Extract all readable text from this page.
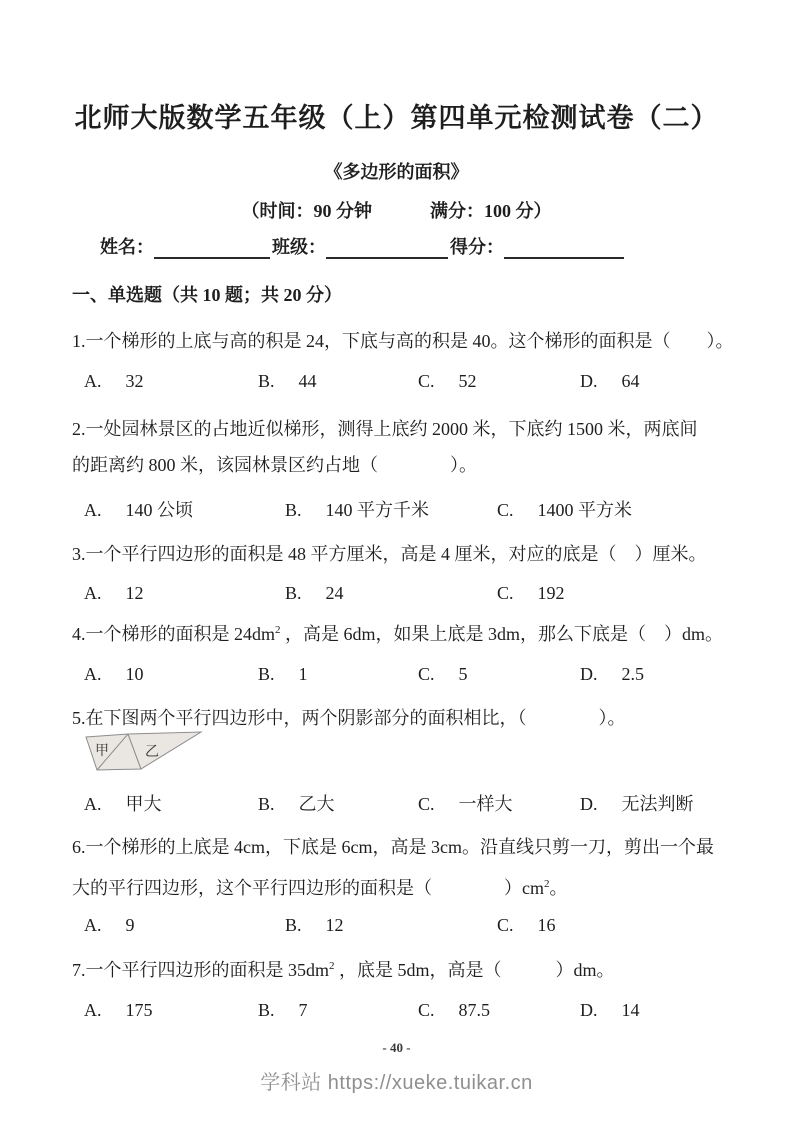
北师大版数学五年级（上）第四单元检测试卷（二）
《多边形的面积》
（时间：90 分钟	满分：100 分）
姓名：	班级：	得分：
一、单选题（共 10 题；共 20 分）
1.一个梯形的上底与高的积是 24，下底与高的积是 40。这个梯形的面积是（　　）。
A. 32	B. 44	C. 52	D. 64
2.一处园林景区的占地近似梯形，测得上底约 2000 米，下底约 1500 米，两底间
的距离约 800 米，该园林景区约占地（　　　　）。
A. 140 公顷	B. 140 平方千米	C. 1400 平方米
3.一个平行四边形的面积是 48 平方厘米，高是 4 厘米，对应的底是（　）厘米。
A. 12	B. 24	C. 192
4.一个梯形的面积是 $24dm^2$ ，高是 6dm，如果上底是 3dm，那么下底是（　）dm。
A. 10	B. 1	C. 5	D. 2.5
5.在下图两个平行四边形中，两个阴影部分的面积相比，（　　　　）。
甲	乙
A. 甲大	B. 乙大	C. 一样大	D. 无法判断
6.一个梯形的上底是 4cm，下底是 6cm，高是 3cm。沿直线只剪一刀，剪出一个最
大的平行四边形，这个平行四边形的面积是（　　　　）$cm^2$。
A. 9	B. 12	C. 16
7.一个平行四边形的面积是 $35dm^2$ ，底是 5dm，高是（　　　）dm。
A. 175	B. 7	C. 87.5	D. 14
- 40 -
学科站 https://xueke.tuikar.cn
